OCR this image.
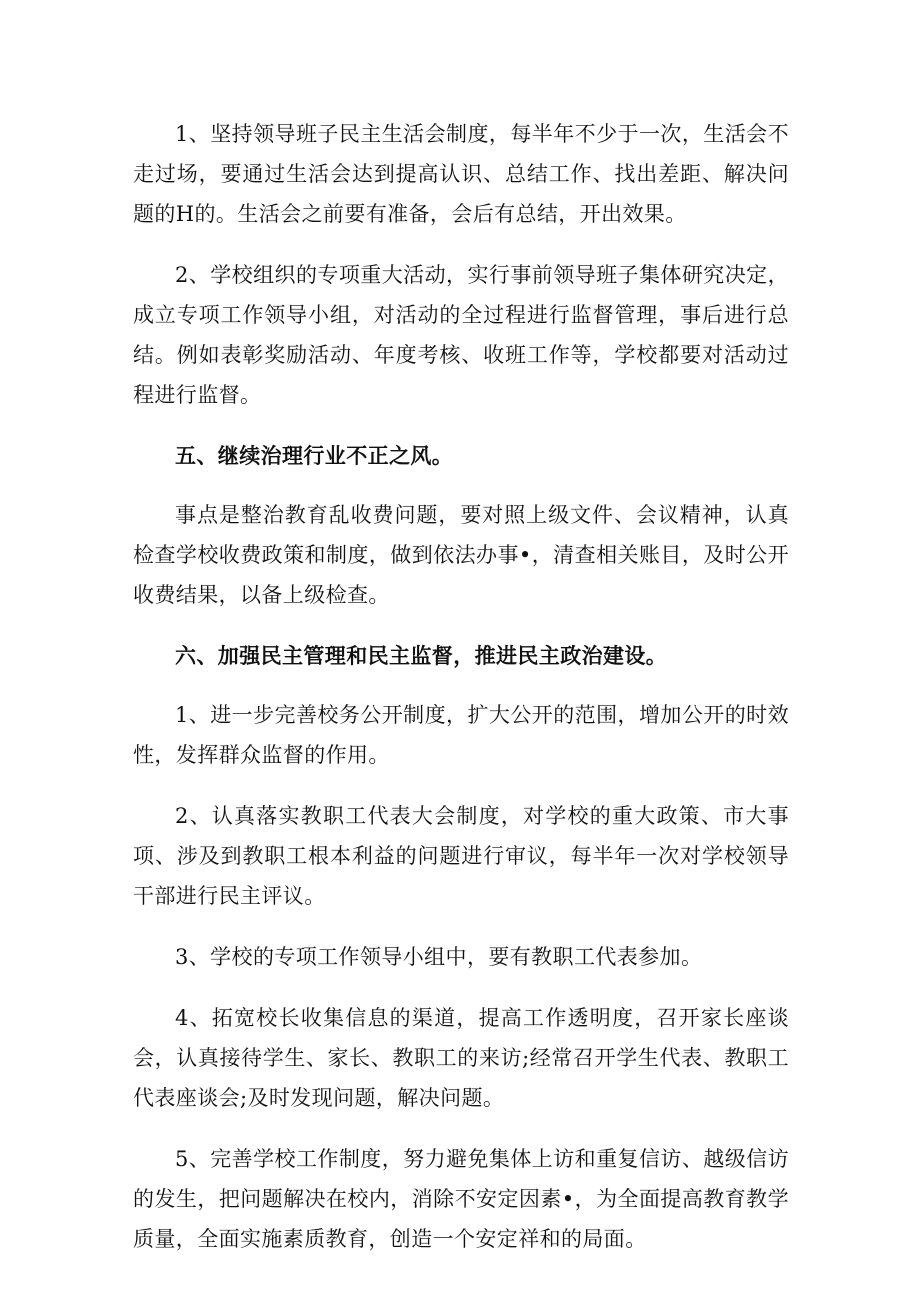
1、坚持领导班子民主生活会制度，每半年不少于一次，生活会不走过场，要通过生活会达到提高认识、总结工作、找出差距、解决问题的H的。生活会之前要有准备，会后有总结，开出效果。

2、学校组织的专项重大活动，实行事前领导班子集体研究决定，成立专项工作领导小组，对活动的全过程进行监督管理，事后进行总结。例如表彰奖励活动、年度考核、收班工作等，学校都要对活动过程进行监督。

五、继续治理行业不正之风。

事点是整治教育乱收费问题，要对照上级文件、会议精神，认真检查学校收费政策和制度，做到依法办事•，清查相关账目，及时公开收费结果，以备上级检查。

六、加强民主管理和民主监督，推进民主政治建设。

1、进一步完善校务公开制度，扩大公开的范围，增加公开的时效性，发挥群众监督的作用。

2、认真落实教职工代表大会制度，对学校的重大政策、市大事项、涉及到教职工根本利益的问题进行审议，每半年一次对学校领导干部进行民主评议。

3、学校的专项工作领导小组中，要有教职工代表参加。

4、拓宽校长收集信息的渠道，提高工作透明度，召开家长座谈会，认真接待学生、家长、教职工的来访;经常召开学生代表、教职工代表座谈会;及时发现问题，解决问题。

5、完善学校工作制度，努力避免集体上访和重复信访、越级信访的发生，把问题解决在校内，消除不安定因素•，为全面提高教育教学质量，全面实施素质教育，创造一个安定祥和的局面。
